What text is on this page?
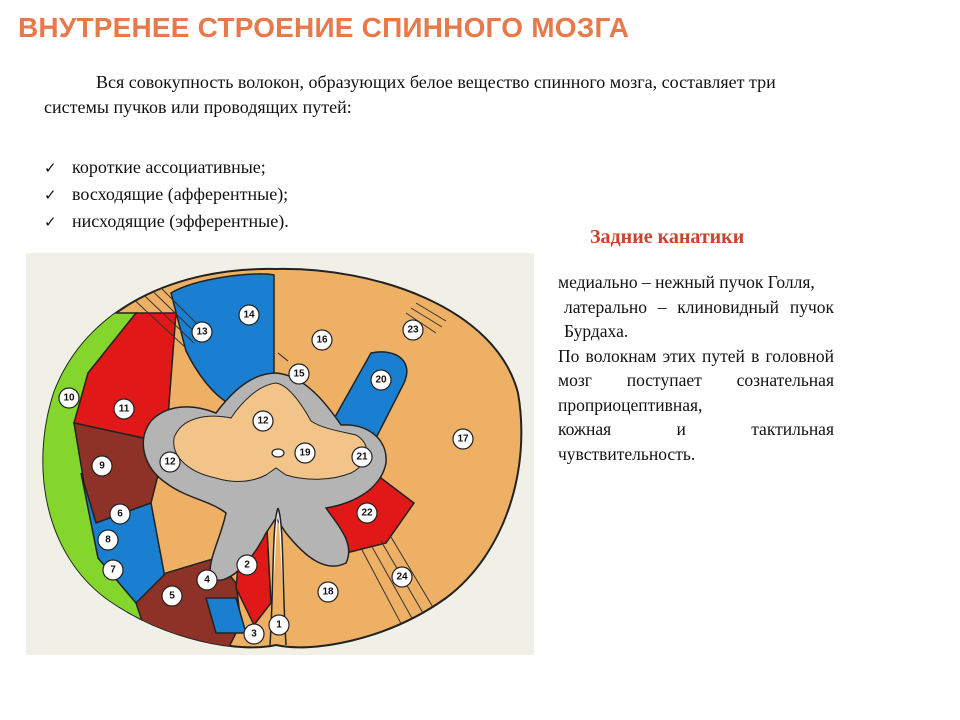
ВНУТРЕНЕЕ СТРОЕНИЕ СПИННОГО МОЗГА

Вся совокупность волокон, образующих белое вещество спинного мозга, составляет три системы пучков или проводящих путей:

✓ короткие ассоциативные;
✓ восходящие (афферентные);
✓ нисходящие (эфферентные).
1
2
3
4
5
6
7
8
9
10
11
12
12
13
14
15
16
17
18
19
20
21
22
23
24
Задние канатики

медиально – нежный пучок Голля,

латерально – клиновидный пучок Бурдаха.

По волокнам этих путей в головной мозг поступает сознательная проприоцептивная,

кожная и тактильная чувствительность.
